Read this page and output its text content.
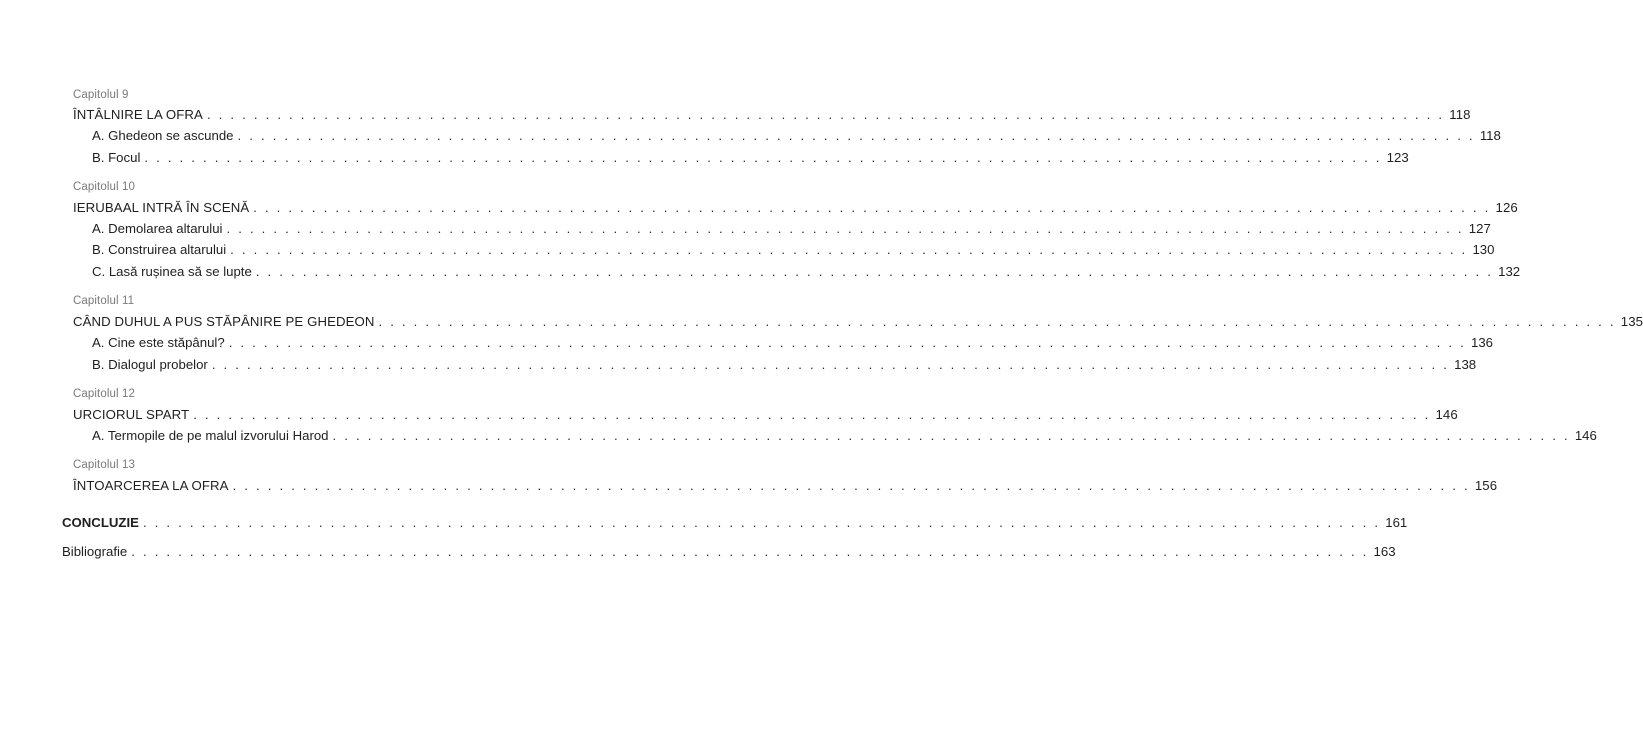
Capitolul 9
ÎNTÂLNIRE LA OFRA . . . . . . . . . . . . . . . . . . . . . . . . . . . . . . . . . . . . . . . . . . . . . . . . . . . . . . . . . . . . . . . . . . . . . . . . . . . . . . . . . . . . . . . . . . . . . . . . . . . . . . . . . . 118
A. Ghedeon se ascunde . . . . . . . . . . . . . . . . . . . . . . . . . . . . . . . . . . . . . . . . . . . . . . . . . . . . . . . . . . . . . . . . . . . . . . . . . . . . . . . . . . . . . . . . . . . . . . . . . . . . . . . . . . 118
B. Focul . . . . . . . . . . . . . . . . . . . . . . . . . . . . . . . . . . . . . . . . . . . . . . . . . . . . . . . . . . . . . . . . . . . . . . . . . . . . . . . . . . . . . . . . . . . . . . . . . . . . . . . . . . 123
Capitolul 10
IERUBAAL INTRĂ ÎN SCENĂ . . . . . . . . . . . . . . . . . . . . . . . . . . . . . . . . . . . . . . . . . . . . . . . . . . . . . . . . . . . . . . . . . . . . . . . . . . . . . . . . . . . . . . . . . . . . . . . . . . . . . . . . . . 126
A. Demolarea altarului . . . . . . . . . . . . . . . . . . . . . . . . . . . . . . . . . . . . . . . . . . . . . . . . . . . . . . . . . . . . . . . . . . . . . . . . . . . . . . . . . . . . . . . . . . . . . . . . . . . . . . . . . . 127
B. Construirea altarului . . . . . . . . . . . . . . . . . . . . . . . . . . . . . . . . . . . . . . . . . . . . . . . . . . . . . . . . . . . . . . . . . . . . . . . . . . . . . . . . . . . . . . . . . . . . . . . . . . . . . . . . . . 130
C. Lasă rușinea să se lupte . . . . . . . . . . . . . . . . . . . . . . . . . . . . . . . . . . . . . . . . . . . . . . . . . . . . . . . . . . . . . . . . . . . . . . . . . . . . . . . . . . . . . . . . . . . . . . . . . . . . . . . . . . 132
Capitolul 11
CÂND DUHUL A PUS STĂPÂNIRE PE GHEDEON . . . . . . . . . . . . . . . . . . . . . . . . . . . . . . . . . . . . . . . . . . . . . . . . . . . . . . . . . . . . . . . . . . . . . . . . . . . . . . . . . . . . . . . . . . . . . . . . . . . . . . . . . . 135
A. Cine este stăpânul? . . . . . . . . . . . . . . . . . . . . . . . . . . . . . . . . . . . . . . . . . . . . . . . . . . . . . . . . . . . . . . . . . . . . . . . . . . . . . . . . . . . . . . . . . . . . . . . . . . . . . . . . . . 136
B. Dialogul probelor . . . . . . . . . . . . . . . . . . . . . . . . . . . . . . . . . . . . . . . . . . . . . . . . . . . . . . . . . . . . . . . . . . . . . . . . . . . . . . . . . . . . . . . . . . . . . . . . . . . . . . . . . . 138
Capitolul 12
URCIORUL SPART . . . . . . . . . . . . . . . . . . . . . . . . . . . . . . . . . . . . . . . . . . . . . . . . . . . . . . . . . . . . . . . . . . . . . . . . . . . . . . . . . . . . . . . . . . . . . . . . . . . . . . . . . . 146
A. Termopile de pe malul izvorului Harod . . . . . . . . . . . . . . . . . . . . . . . . . . . . . . . . . . . . . . . . . . . . . . . . . . . . . . . . . . . . . . . . . . . . . . . . . . . . . . . . . . . . . . . . . . . . . . . . . . . . . . . . . . 146
Capitolul 13
ÎNTOARCEREA LA OFRA . . . . . . . . . . . . . . . . . . . . . . . . . . . . . . . . . . . . . . . . . . . . . . . . . . . . . . . . . . . . . . . . . . . . . . . . . . . . . . . . . . . . . . . . . . . . . . . . . . . . . . . . . . 156
CONCLUZIE . . . . . . . . . . . . . . . . . . . . . . . . . . . . . . . . . . . . . . . . . . . . . . . . . . . . . . . . . . . . . . . . . . . . . . . . . . . . . . . . . . . . . . . . . . . . . . . . . . . . . . . . . . 161
Bibliografie . . . . . . . . . . . . . . . . . . . . . . . . . . . . . . . . . . . . . . . . . . . . . . . . . . . . . . . . . . . . . . . . . . . . . . . . . . . . . . . . . . . . . . . . . . . . . . . . . . . . . . . . . . 163
